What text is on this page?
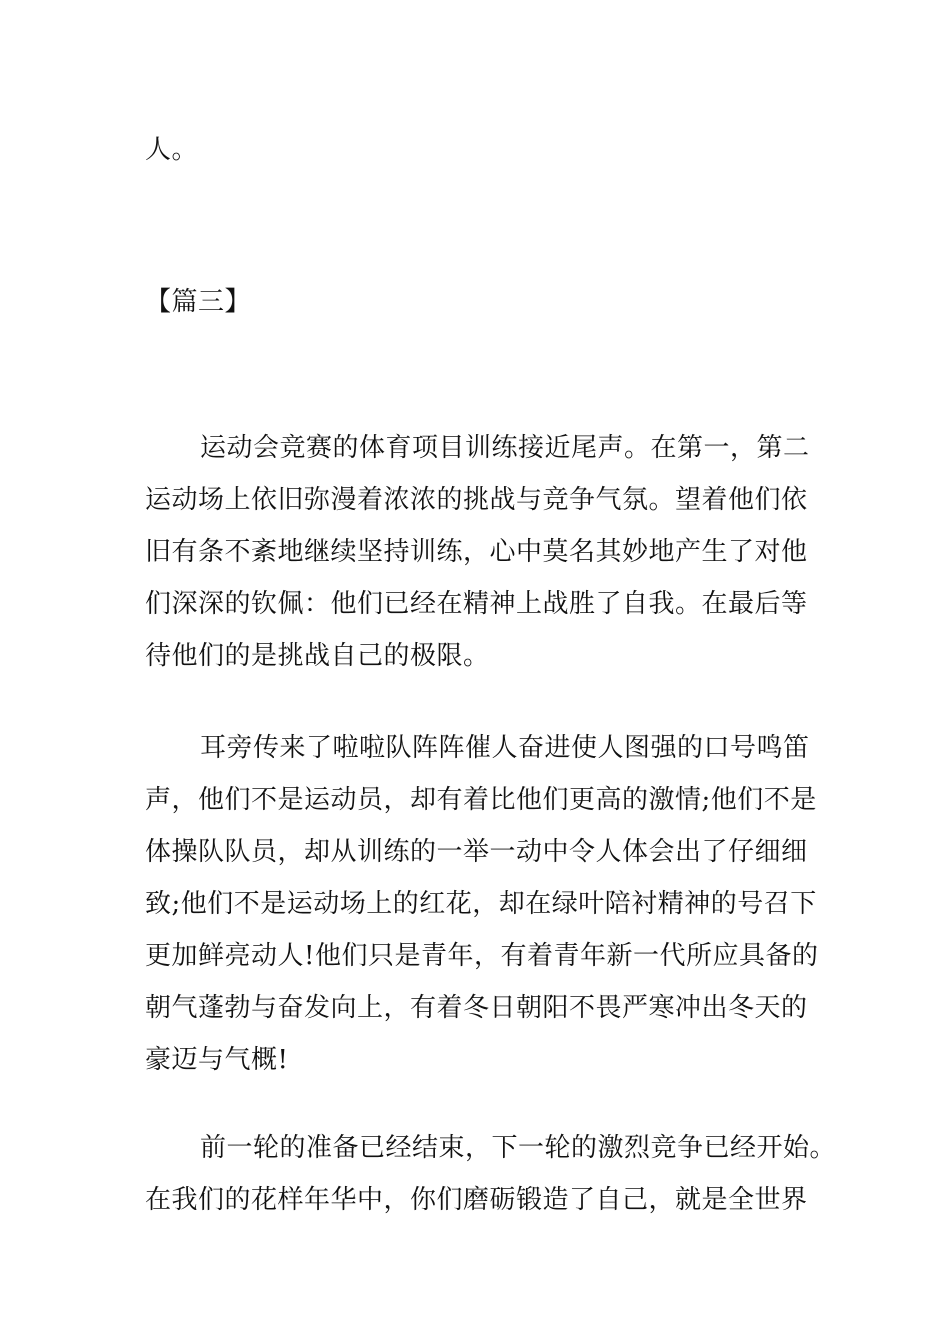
人。
【篇三】
运动会竞赛的体育项目训练接近尾声。在第一，第二
运动场上依旧弥漫着浓浓的挑战与竞争气氛。望着他们依
旧有条不紊地继续坚持训练，心中莫名其妙地产生了对他
们深深的钦佩：他们已经在精神上战胜了自我。在最后等
待他们的是挑战自己的极限。
耳旁传来了啦啦队阵阵催人奋进使人图强的口号鸣笛
声，他们不是运动员，却有着比他们更高的激情;他们不是
体操队队员，却从训练的一举一动中令人体会出了仔细细
致;他们不是运动场上的红花，却在绿叶陪衬精神的号召下
更加鲜亮动人!他们只是青年，有着青年新一代所应具备的
朝气蓬勃与奋发向上，有着冬日朝阳不畏严寒冲出冬天的
豪迈与气概!
前一轮的准备已经结束，下一轮的激烈竞争已经开始。
在我们的花样年华中，你们磨砺锻造了自己，就是全世界
